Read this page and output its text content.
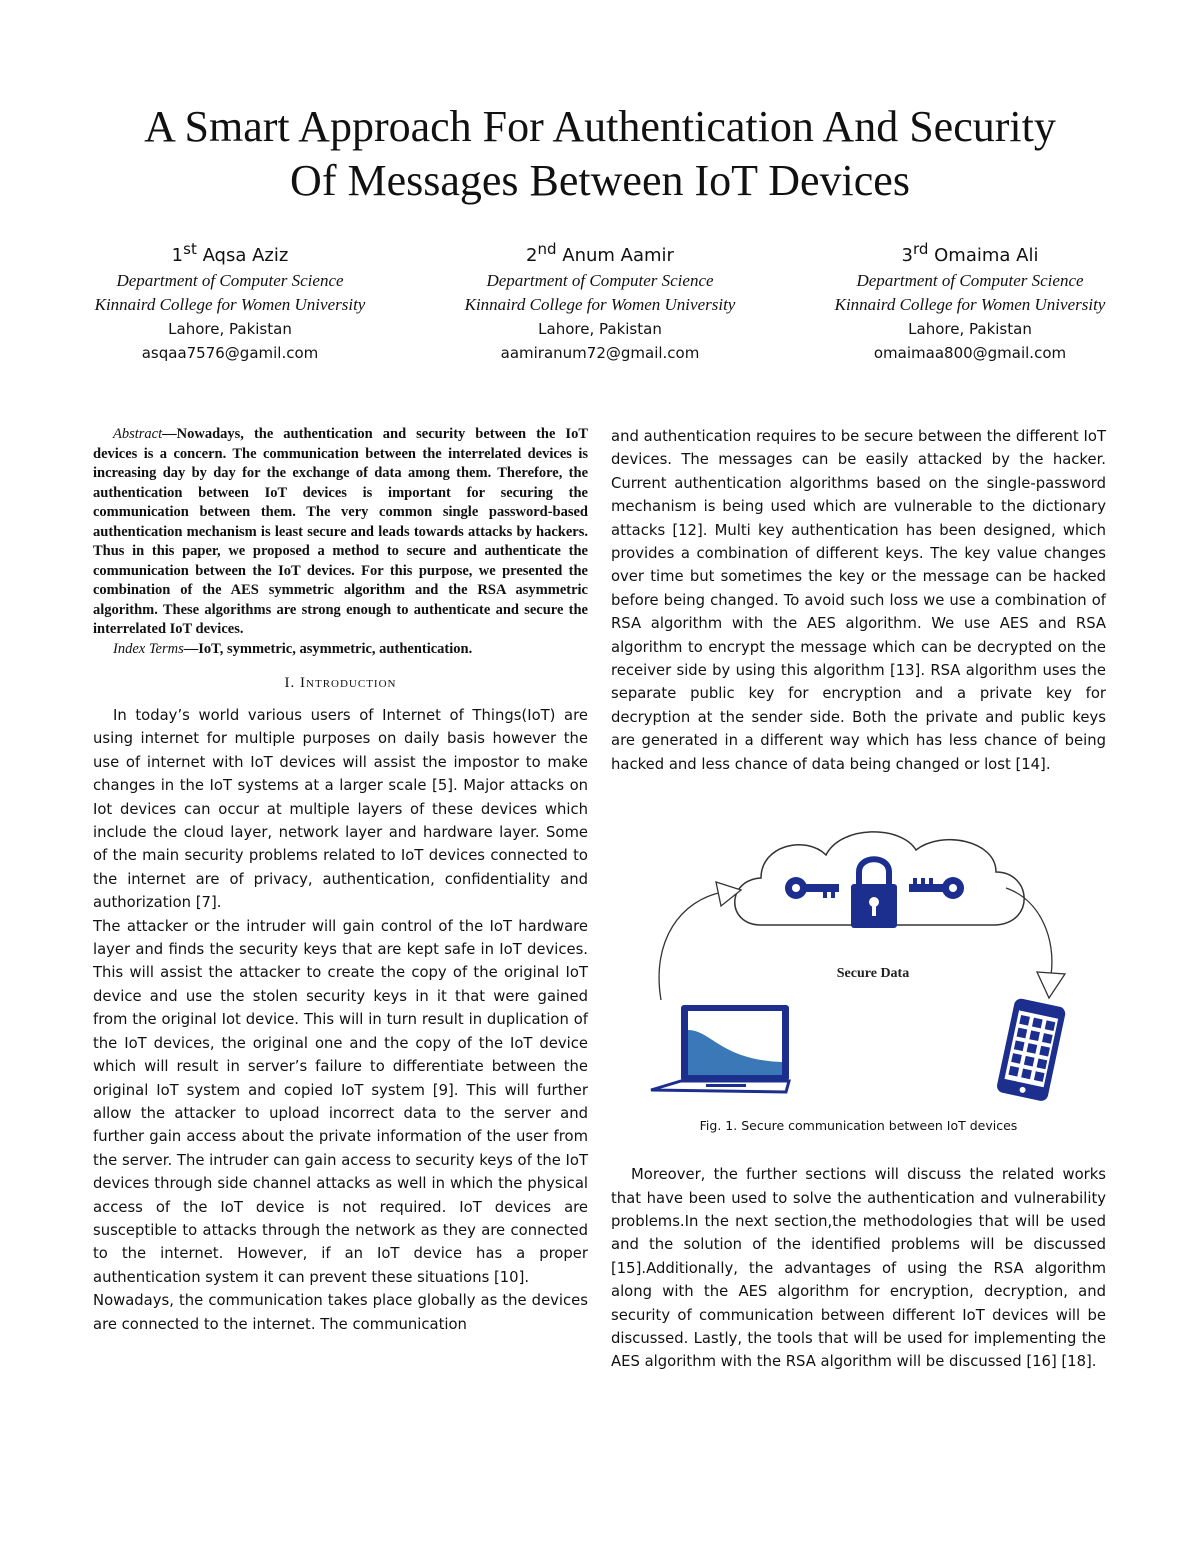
A Smart Approach For Authentication And Security
Of Messages Between IoT Devices
1st Aqsa Aziz
Department of Computer Science
Kinnaird College for Women University
Lahore, Pakistan
asqaa7576@gamil.com
2nd Anum Aamir
Department of Computer Science
Kinnaird College for Women University
Lahore, Pakistan
aamiranum72@gmail.com
3rd Omaima Ali
Department of Computer Science
Kinnaird College for Women University
Lahore, Pakistan
omaimaa800@gmail.com

Abstract—Nowadays, the authentication and security between the IoT devices is a concern. The communication between the interrelated devices is increasing day by day for the exchange of data among them. Therefore, the authentication between IoT devices is important for securing the communication between them. The very common single password-based authentication mechanism is least secure and leads towards attacks by hackers. Thus in this paper, we proposed a method to secure and authenticate the communication between the IoT devices. For this purpose, we presented the combination of the AES symmetric algorithm and the RSA asymmetric algorithm. These algorithms are strong enough to authenticate and secure the interrelated IoT devices.

Index Terms—IoT, symmetric, asymmetric, authentication.

I. Introduction

In today’s world various users of Internet of Things(IoT) are using internet for multiple purposes on daily basis however the use of internet with IoT devices will assist the impostor to make changes in the IoT systems at a larger scale [5]. Major attacks on Iot devices can occur at multiple layers of these devices which include the cloud layer, network layer and hardware layer. Some of the main security problems related to IoT devices connected to the internet are of privacy, authentication, confidentiality and authorization [7].

The attacker or the intruder will gain control of the IoT hardware layer and finds the security keys that are kept safe in IoT devices. This will assist the attacker to create the copy of the original IoT device and use the stolen security keys in it that were gained from the original Iot device. This will in turn result in duplication of the IoT devices, the original one and the copy of the IoT device which will result in server’s failure to differentiate between the original IoT system and copied IoT system [9]. This will further allow the attacker to upload incorrect data to the server and further gain access about the private information of the user from the server. The intruder can gain access to security keys of the IoT devices through side channel attacks as well in which the physical access of the IoT device is not required. IoT devices are susceptible to attacks through the network as they are connected to the internet. However, if an IoT device has a proper authentication system it can prevent these situations [10].

Nowadays, the communication takes place globally as the devices are connected to the internet. The communication

and authentication requires to be secure between the different IoT devices. The messages can be easily attacked by the hacker. Current authentication algorithms based on the single-password mechanism is being used which are vulnerable to the dictionary attacks [12]. Multi key authentication has been designed, which provides a combination of different keys. The key value changes over time but sometimes the key or the message can be hacked before being changed. To avoid such loss we use a combination of RSA algorithm with the AES algorithm. We use AES and RSA algorithm to encrypt the message which can be decrypted on the receiver side by using this algorithm [13]. RSA algorithm uses the separate public key for encryption and a private key for decryption at the sender side. Both the private and public keys are generated in a different way which has less chance of being hacked and less chance of data being changed or lost [14].

Secure Data
Fig. 1. Secure communication between IoT devices

Moreover, the further sections will discuss the related works that have been used to solve the authentication and vulnerability problems.In the next section,the methodologies that will be used and the solution of the identified problems will be discussed [15].Additionally, the advantages of using the RSA algorithm along with the AES algorithm for encryption, decryption, and security of communication between different IoT devices will be discussed. Lastly, the tools that will be used for implementing the AES algorithm with the RSA algorithm will be discussed [16] [18].
